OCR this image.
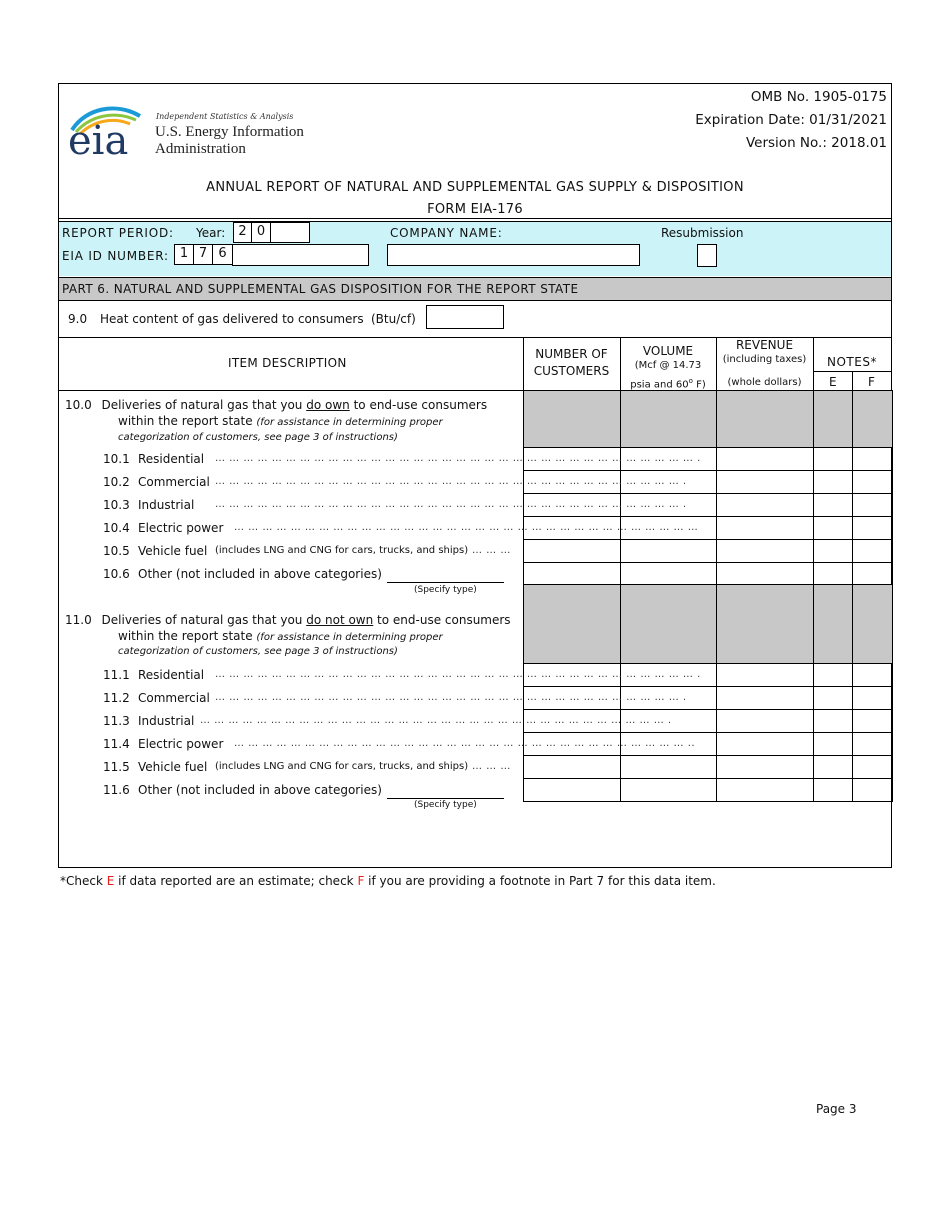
eia
Independent Statistics & Analysis
U.S. Energy Information
Administration
OMB No. 1905-0175
Expiration Date: 01/31/2021
Version No.: 2018.01
ANNUAL REPORT OF NATURAL AND SUPPLEMENTAL GAS SUPPLY & DISPOSITION
FORM EIA-176
REPORT PERIOD: Year:	2 0	COMPANY NAME:	Resubmission
EIA ID NUMBER: 1 7 6
PART 6. NATURAL AND SUPPLEMENTAL GAS DISPOSITION FOR THE REPORT STATE
9.0 Heat content of gas delivered to consumers (Btu/cf)
ITEM DESCRIPTION
NUMBER OF
CUSTOMERS
VOLUME
(Mcf @ 14.73
psia and 60$^o$ F)
REVENUE
(including taxes)
(whole dollars)
NOTES*
E	F
10.0 Deliveries of natural gas that you do own to end-use consumers
within the report state (for assistance in determining proper
categorization of customers, see page 3 of instructions)
10.1 Residential … … … … … … … … … … … … … … … … … … … … … … … … … … … … … … … … … … .
10.2 Commercial … … … … … … … … … … … … … … … … … … … … … … … … … … … … … … … … … .
10.3 Industrial … … … … … … … … … … … … … … … … … … … … … … … … … … … … … … … … … .
10.4 Electric power … … … … … … … … … … … … … … … … … … … … … … … … … … … … … … … … …
10.5 Vehicle fuel (includes LNG and CNG for cars, trucks, and ships) … … …
10.6 Other (not included in above categories)
(Specify type)
11.0 Deliveries of natural gas that you do not own to end-use consumers
within the report state (for assistance in determining proper
categorization of customers, see page 3 of instructions)
11.1 Residential … … … … … … … … … … … … … … … … … … … … … … … … … … … … … … … … … … .
11.2 Commercial … … … … … … … … … … … … … … … … … … … … … … … … … … … … … … … … … .
11.3 Industrial … … … … … … … … … … … … … … … … … … … … … … … … … … … … … … … … … .
11.4 Electric power … … … … … … … … … … … … … … … … … … … … … … … … … … … … … … … … ..
11.5 Vehicle fuel (includes LNG and CNG for cars, trucks, and ships) … … …
11.6 Other (not included in above categories)
(Specify type)
*Check E if data reported are an estimate; check F if you are providing a footnote in Part 7 for this data item.
Page 3
